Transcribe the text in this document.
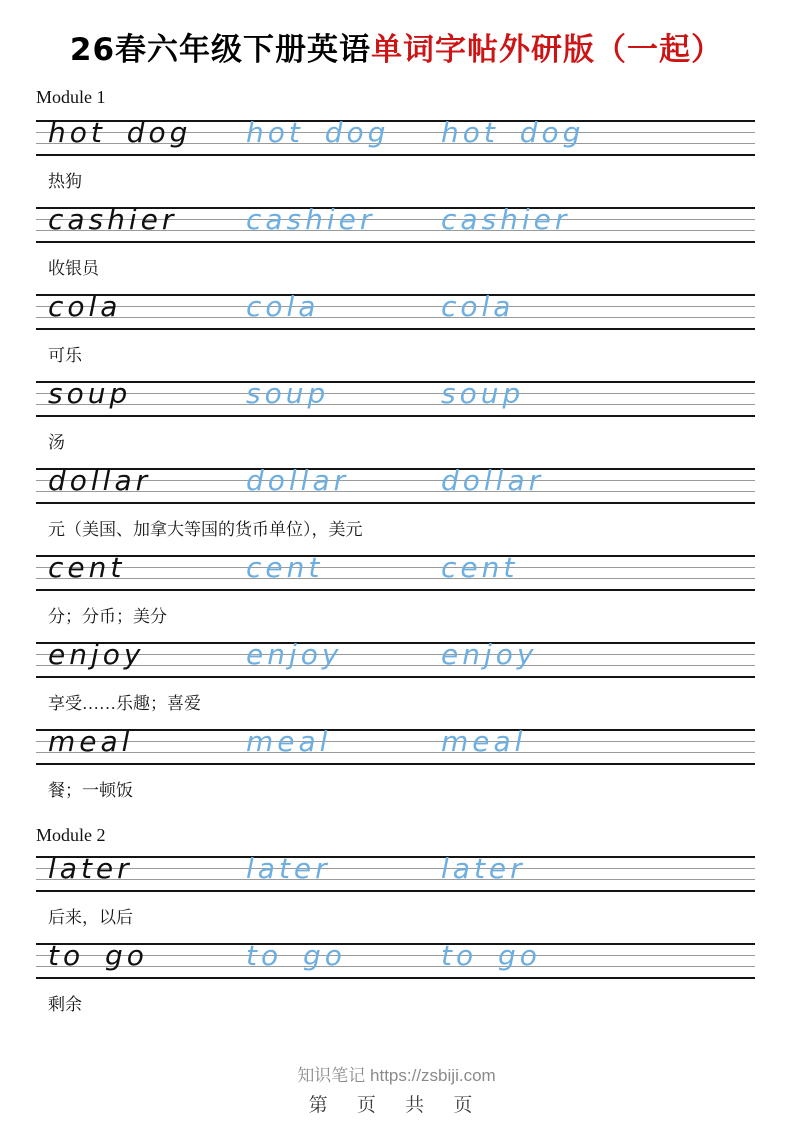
26春六年级下册英语单词字帖外研版（一起）
Module 1
hot dog hot dog hot dog
热狗
cashier cashier cashier
收银员
cola	cola	cola
可乐
soup	soup	soup
汤
dollar	dollar	dollar
元（美国、加拿大等国的货币单位），美元
cent	cent	cent
分；分币；美分
enjoy	enjoy	enjoy
享受……乐趣；喜爱
meal	meal	meal
餐；一顿饭
Module 2
later	later	later
后来，以后
to go	to go	to go
剩余
知识笔记 https://zsbiji.com
第 页 共 页
